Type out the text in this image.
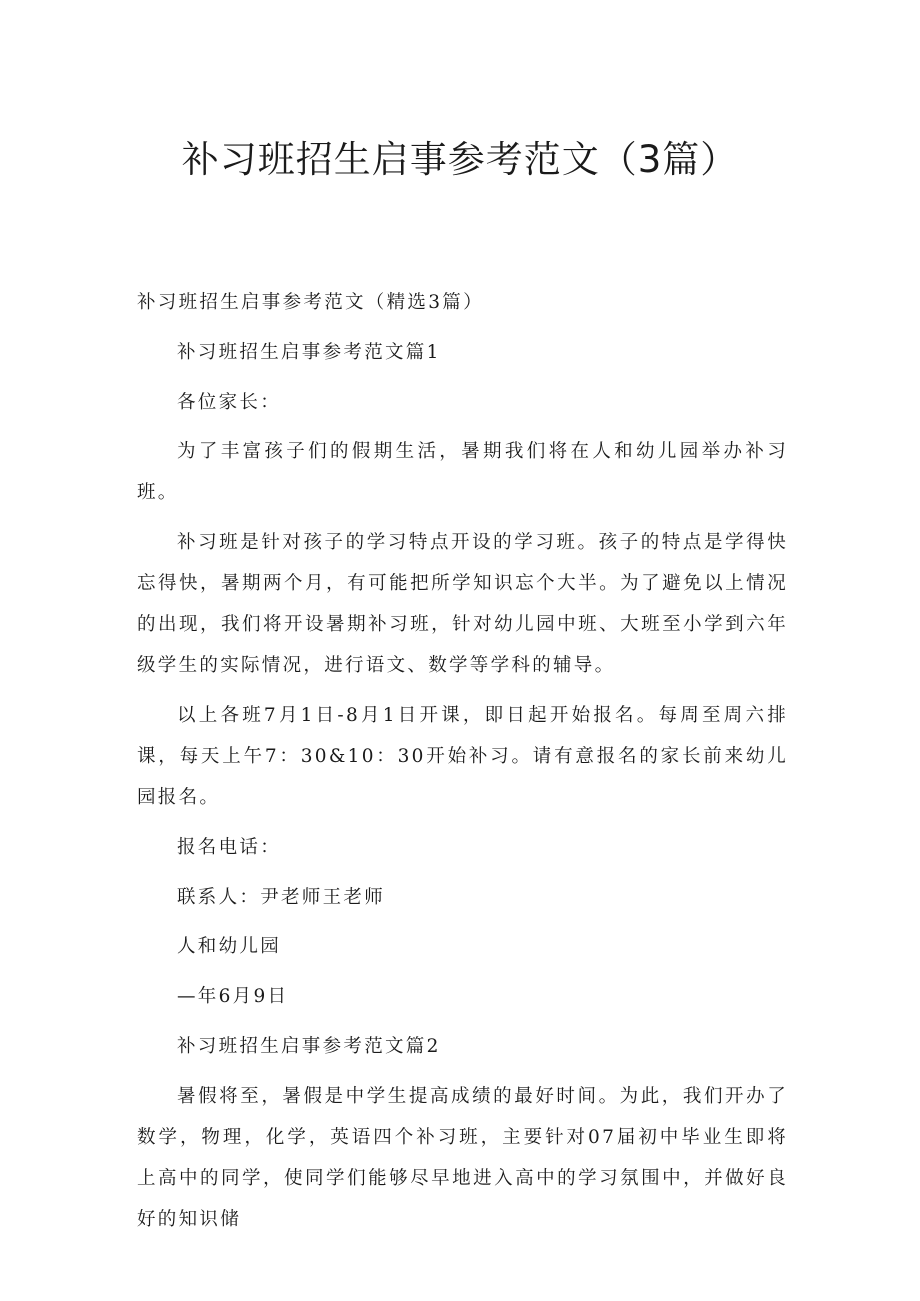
补习班招生启事参考范文（3篇）

补习班招生启事参考范文（精选3篇）

补习班招生启事参考范文篇1

各位家长：

为了丰富孩子们的假期生活，暑期我们将在人和幼儿园举办补习班。

补习班是针对孩子的学习特点开设的学习班。孩子的特点是学得快忘得快，暑期两个月，有可能把所学知识忘个大半。为了避免以上情况的出现，我们将开设暑期补习班，针对幼儿园中班、大班至小学到六年级学生的实际情况，进行语文、数学等学科的辅导。

以上各班7月1日-8月1日开课，即日起开始报名。每周至周六排课，每天上午7：30&10：30开始补习。请有意报名的家长前来幼儿园报名。

报名电话：

联系人：尹老师王老师

人和幼儿园

—年6月9日

补习班招生启事参考范文篇2

暑假将至，暑假是中学生提高成绩的最好时间。为此，我们开办了数学，物理，化学，英语四个补习班，主要针对07届初中毕业生即将上高中的同学，使同学们能够尽早地进入高中的学习氛围中，并做好良好的知识储
